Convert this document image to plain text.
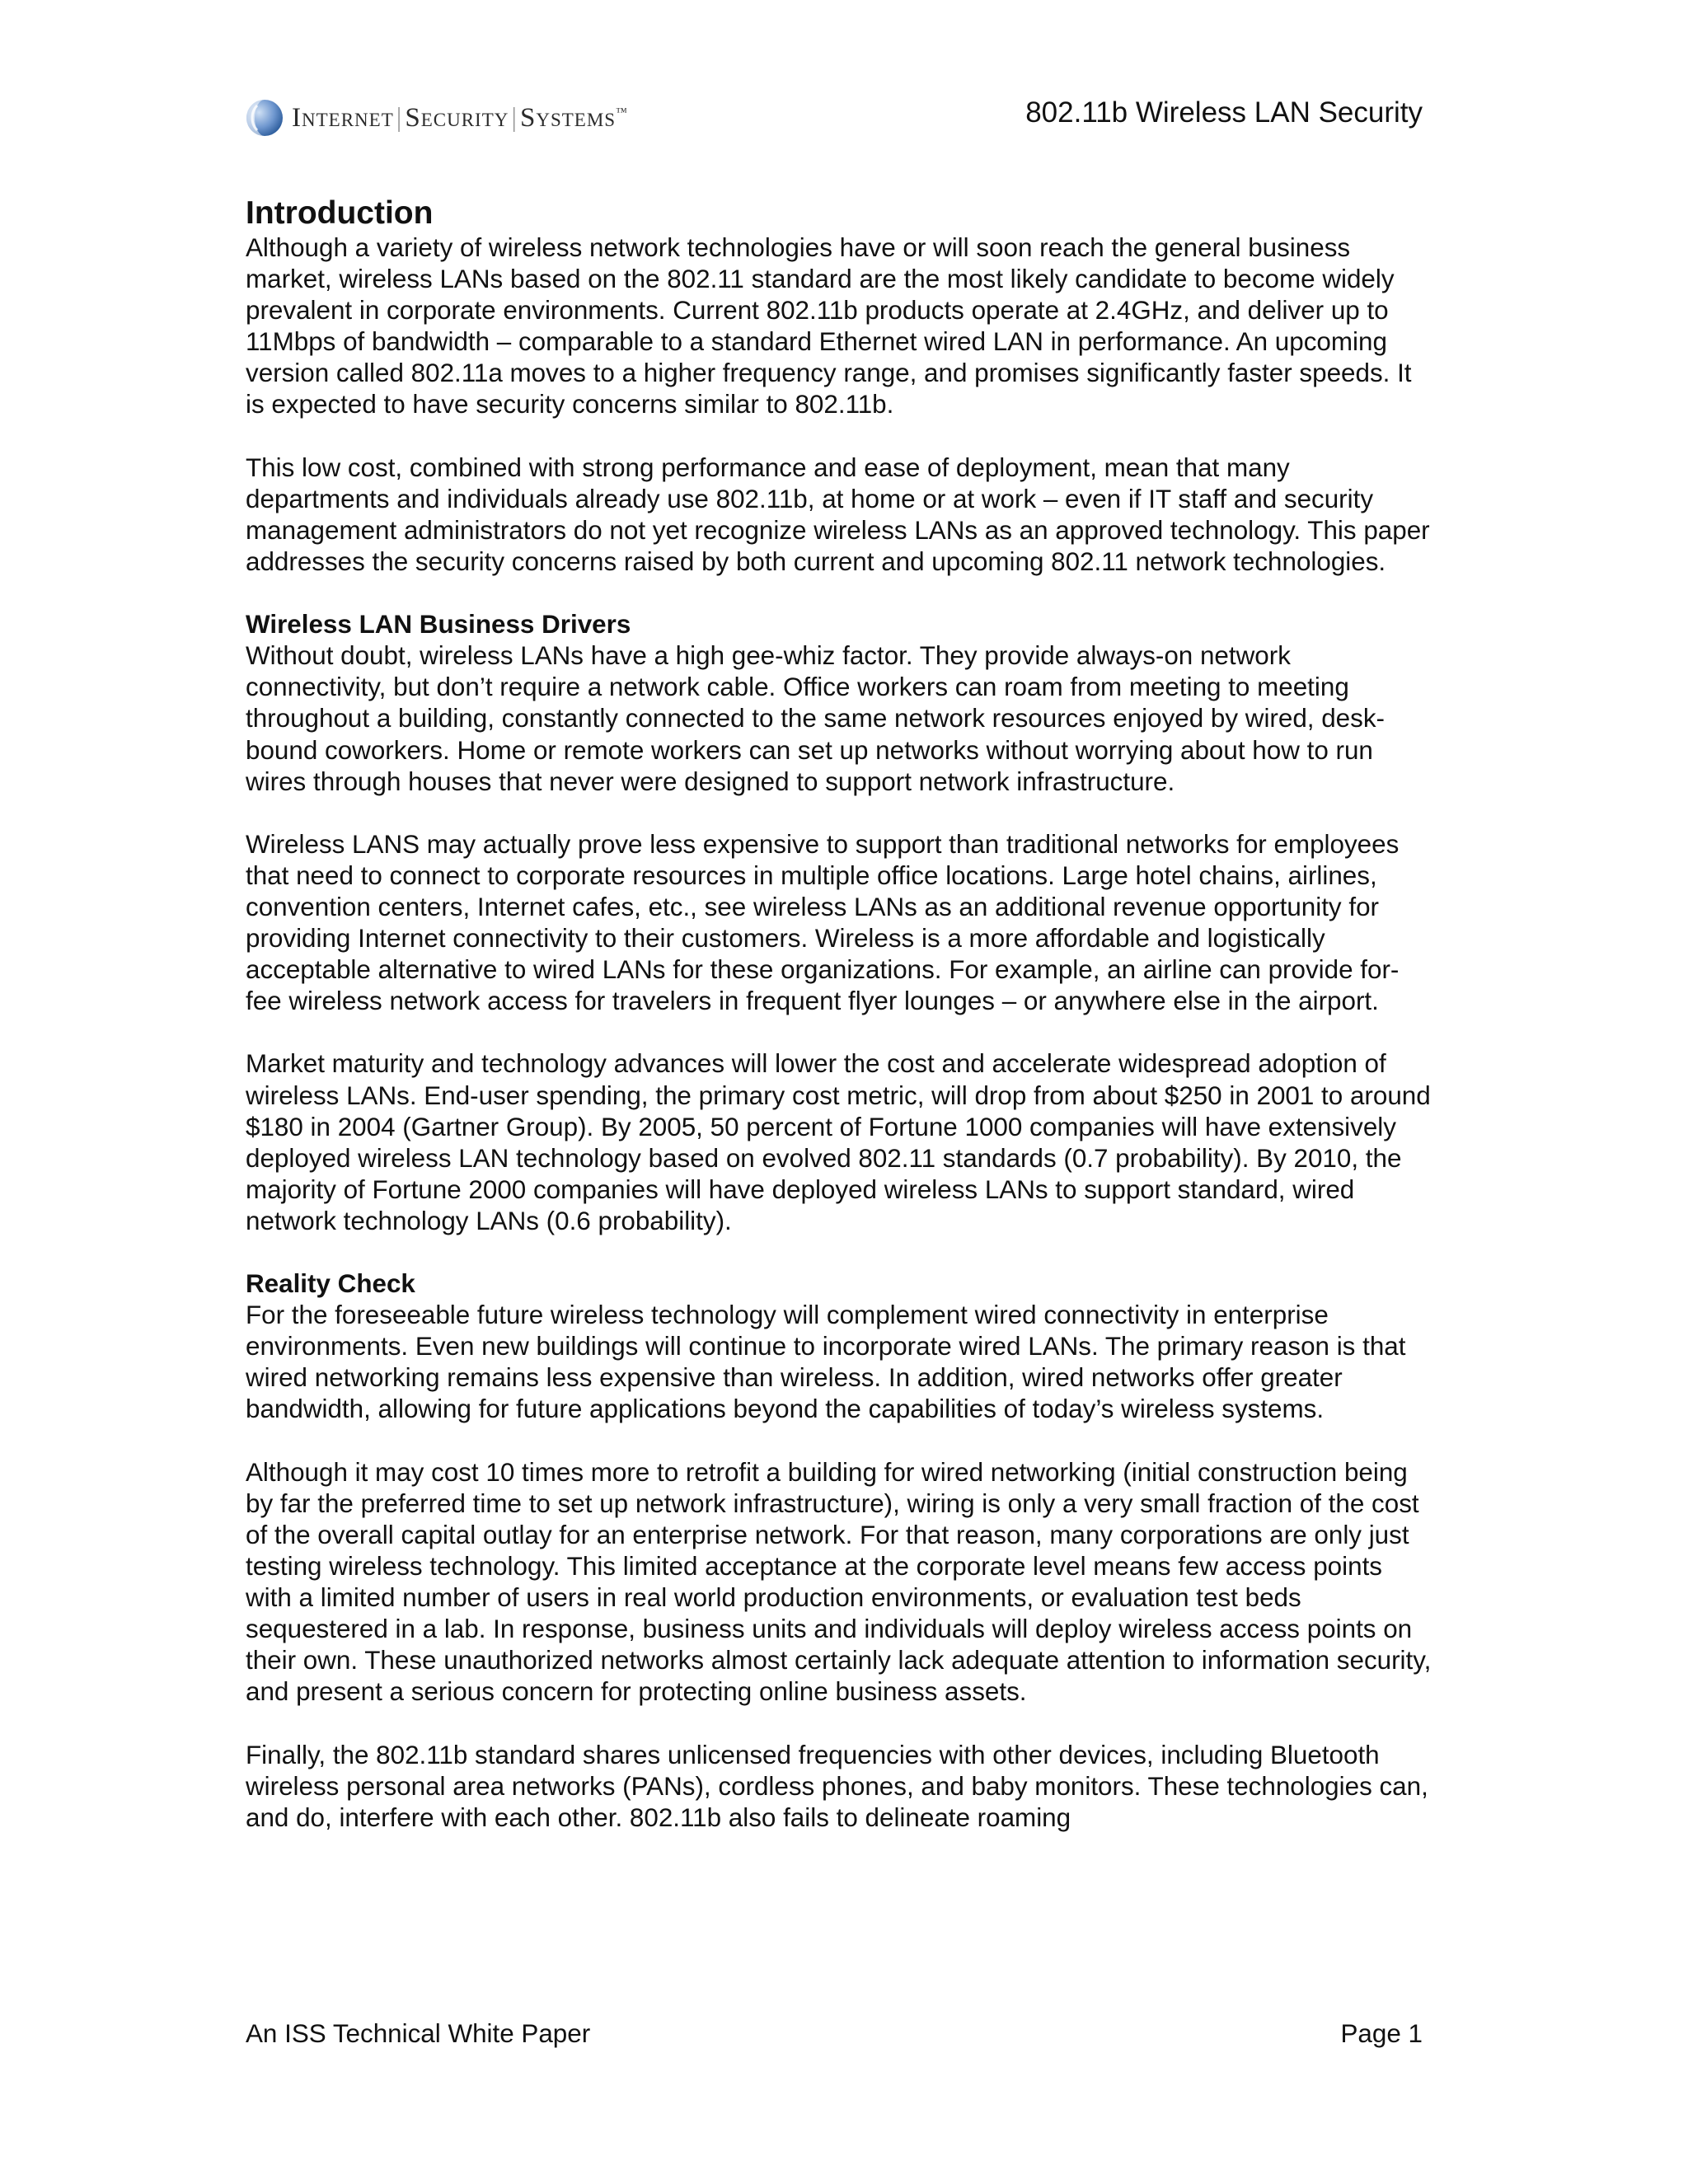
Internet|Security|Systems™	802.11b Wireless LAN Security
Introduction

Although a variety of wireless network technologies have or will soon reach the general business market, wireless LANs based on the 802.11 standard are the most likely candidate to become widely prevalent in corporate environments. Current 802.11b products operate at 2.4GHz, and deliver up to 11Mbps of bandwidth – comparable to a standard Ethernet wired LAN in performance. An upcoming version called 802.11a moves to a higher frequency range, and promises significantly faster speeds. It is expected to have security concerns similar to 802.11b.

This low cost, combined with strong performance and ease of deployment, mean that many departments and individuals already use 802.11b, at home or at work – even if IT staff and security management administrators do not yet recognize wireless LANs as an approved technology. This paper addresses the security concerns raised by both current and upcoming 802.11 network technologies.

Wireless LAN Business Drivers

Without doubt, wireless LANs have a high gee-whiz factor. They provide always-on network connectivity, but don’t require a network cable. Office workers can roam from meeting to meeting throughout a building, constantly connected to the same network resources enjoyed by wired, desk-bound coworkers. Home or remote workers can set up networks without worrying about how to run wires through houses that never were designed to support network infrastructure.

Wireless LANS may actually prove less expensive to support than traditional networks for employees that need to connect to corporate resources in multiple office locations. Large hotel chains, airlines, convention centers, Internet cafes, etc., see wireless LANs as an additional revenue opportunity for providing Internet connectivity to their customers. Wireless is a more affordable and logistically acceptable alternative to wired LANs for these organizations. For example, an airline can provide for-fee wireless network access for travelers in frequent flyer lounges – or anywhere else in the airport.

Market maturity and technology advances will lower the cost and accelerate widespread adoption of wireless LANs. End-user spending, the primary cost metric, will drop from about $250 in 2001 to around $180 in 2004 (Gartner Group). By 2005, 50 percent of Fortune 1000 companies will have extensively deployed wireless LAN technology based on evolved 802.11 standards (0.7 probability). By 2010, the majority of Fortune 2000 companies will have deployed wireless LANs to support standard, wired network technology LANs (0.6 probability).

Reality Check

For the foreseeable future wireless technology will complement wired connectivity in enterprise environments. Even new buildings will continue to incorporate wired LANs. The primary reason is that wired networking remains less expensive than wireless. In addition, wired networks offer greater bandwidth, allowing for future applications beyond the capabilities of today’s wireless systems.

Although it may cost 10 times more to retrofit a building for wired networking (initial construction being by far the preferred time to set up network infrastructure), wiring is only a very small fraction of the cost of the overall capital outlay for an enterprise network. For that reason, many corporations are only just testing wireless technology. This limited acceptance at the corporate level means few access points with a limited number of users in real world production environments, or evaluation test beds sequestered in a lab. In response, business units and individuals will deploy wireless access points on their own. These unauthorized networks almost certainly lack adequate attention to information security, and present a serious concern for protecting online business assets.

Finally, the 802.11b standard shares unlicensed frequencies with other devices, including Bluetooth wireless personal area networks (PANs), cordless phones, and baby monitors. These technologies can, and do, interfere with each other. 802.11b also fails to delineate roaming

An ISS Technical White Paper	Page 1
